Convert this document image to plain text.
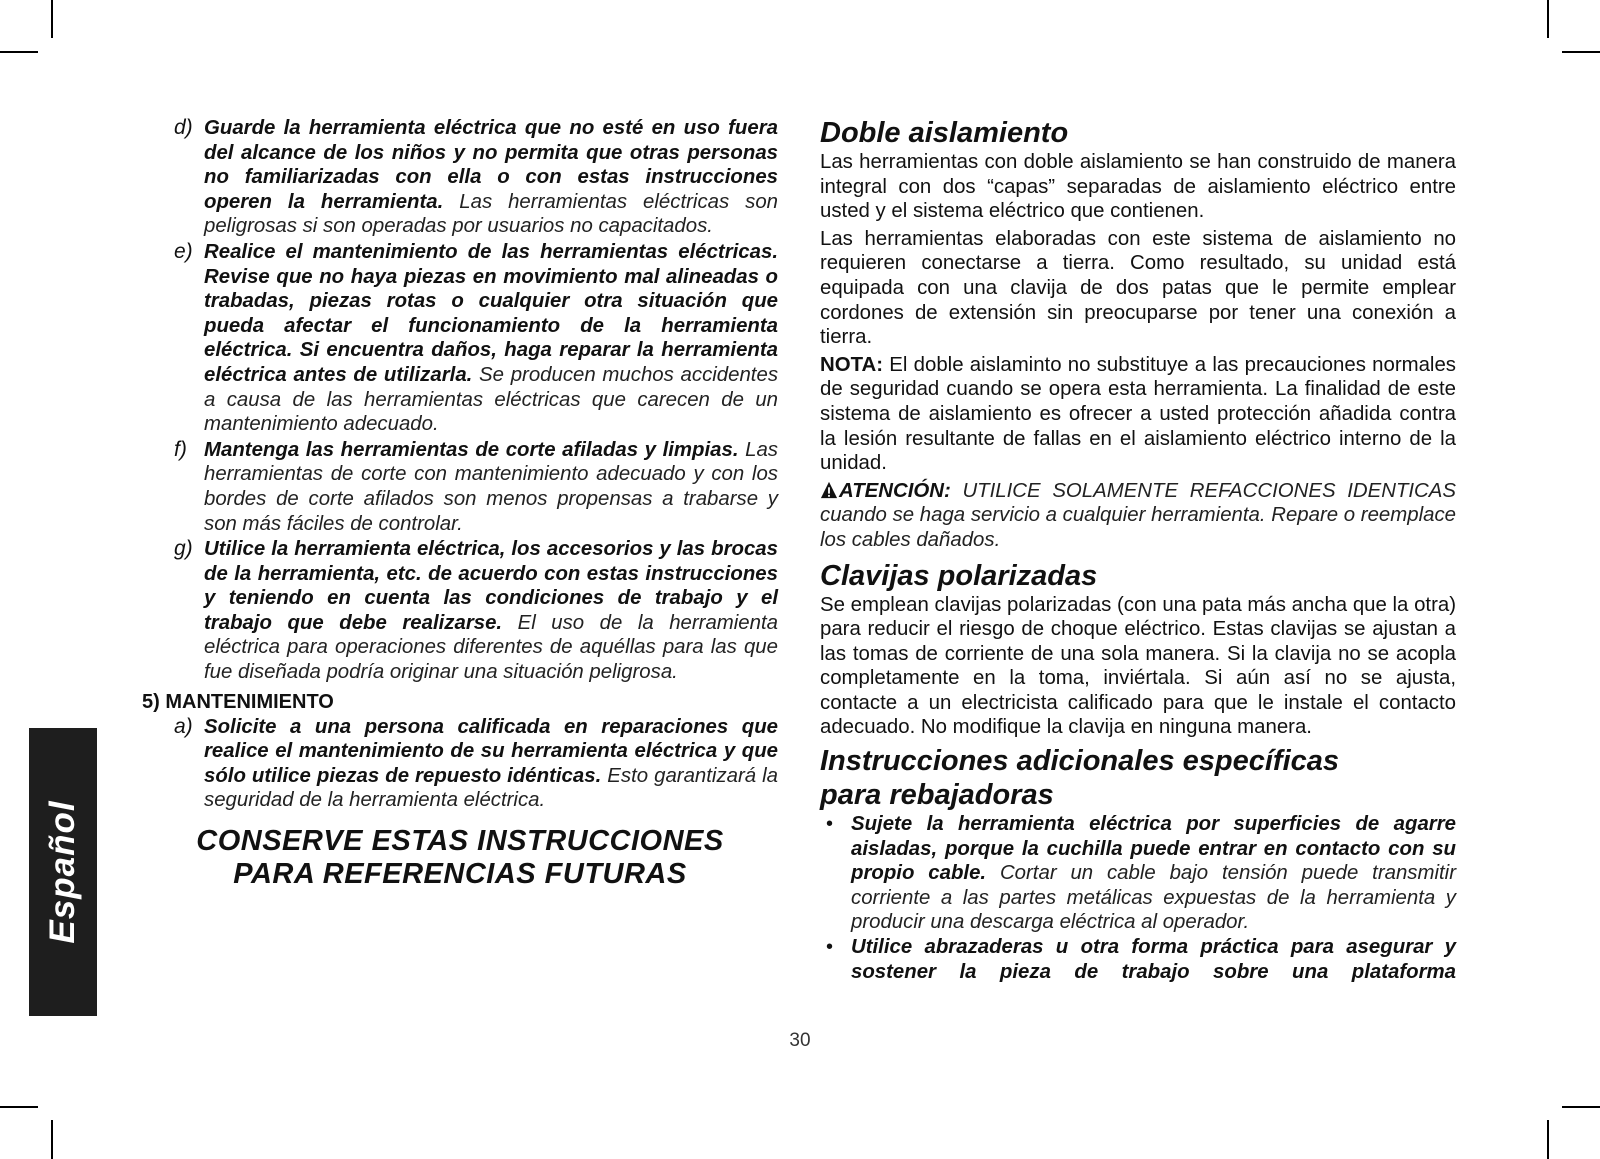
Español
d) Guarde la herramienta eléctrica que no esté en uso fuera del alcance de los niños y no permita que otras personas no familiarizadas con ella o con estas instrucciones operen la herramienta. Las herramientas eléctricas son peligrosas si son operadas por usuarios no capacitados.

e) Realice el mantenimiento de las herramientas eléctricas. Revise que no haya piezas en movimiento mal alineadas o trabadas, piezas rotas o cualquier otra situación que pueda afectar el funcionamiento de la herramienta eléctrica. Si encuentra daños, haga reparar la herramienta eléctrica antes de utilizarla. Se producen muchos accidentes a causa de las herramientas eléctricas que carecen de un mantenimiento adecuado.

f) Mantenga las herramientas de corte afiladas y limpias. Las herramientas de corte con mantenimiento adecuado y con los bordes de corte afilados son menos propensas a trabarse y son más fáciles de controlar.

g) Utilice la herramienta eléctrica, los accesorios y las brocas de la herramienta, etc. de acuerdo con estas instrucciones y teniendo en cuenta las condiciones de trabajo y el trabajo que debe realizarse. El uso de la herramienta eléctrica para operaciones diferentes de aquéllas para las que fue diseñada podría originar una situación peligrosa.

5) MANTENIMIENTO
a) Solicite a una persona calificada en reparaciones que realice el mantenimiento de su herramienta eléctrica y que sólo utilice piezas de repuesto idénticas. Esto garantizará la seguridad de la herramienta eléctrica.

CONSERVE ESTAS INSTRUCCIONES
PARA REFERENCIAS FUTURAS
Doble aislamiento

Las herramientas con doble aislamiento se han construido de manera integral con dos “capas” separadas de aislamiento eléctrico entre usted y el sistema eléctrico que contienen.

Las herramientas elaboradas con este sistema de aislamiento no requieren conectarse a tierra. Como resultado, su unidad está equipada con una clavija de dos patas que le permite emplear cordones de extensión sin preocuparse por tener una conexión a tierra.

NOTA: El doble aislaminto no substituye a las precauciones normales de seguridad cuando se opera esta herramienta. La finalidad de este sistema de aislamiento es ofrecer a usted protección añadida contra la lesión resultante de fallas en el aislamiento eléctrico interno de la unidad.

ATENCIÓN: UTILICE SOLAMENTE REFACCIONES IDENTICAS cuando se haga servicio a cualquier herramienta. Repare o reemplace los cables dañados.

Clavijas polarizadas

Se emplean clavijas polarizadas (con una pata más ancha que la otra) para reducir el riesgo de choque eléctrico. Estas clavijas se ajustan a las tomas de corriente de una sola manera. Si la clavija no se acopla completamente en la toma, inviértala. Si aún así no se ajusta, contacte a un electricista calificado para que le instale el contacto adecuado. No modifique la clavija en ninguna manera.

Instrucciones adicionales específicas
para rebajadoras
• Sujete la herramienta eléctrica por superficies de agarre aisladas, porque la cuchilla puede entrar en contacto con su propio cable. Cortar un cable bajo tensión puede transmitir corriente a las partes metálicas expuestas de la herramienta y producir una descarga eléctrica al operador.

• Utilice abrazaderas u otra forma práctica para asegurar y sostener la pieza de trabajo sobre una plataforma

30
